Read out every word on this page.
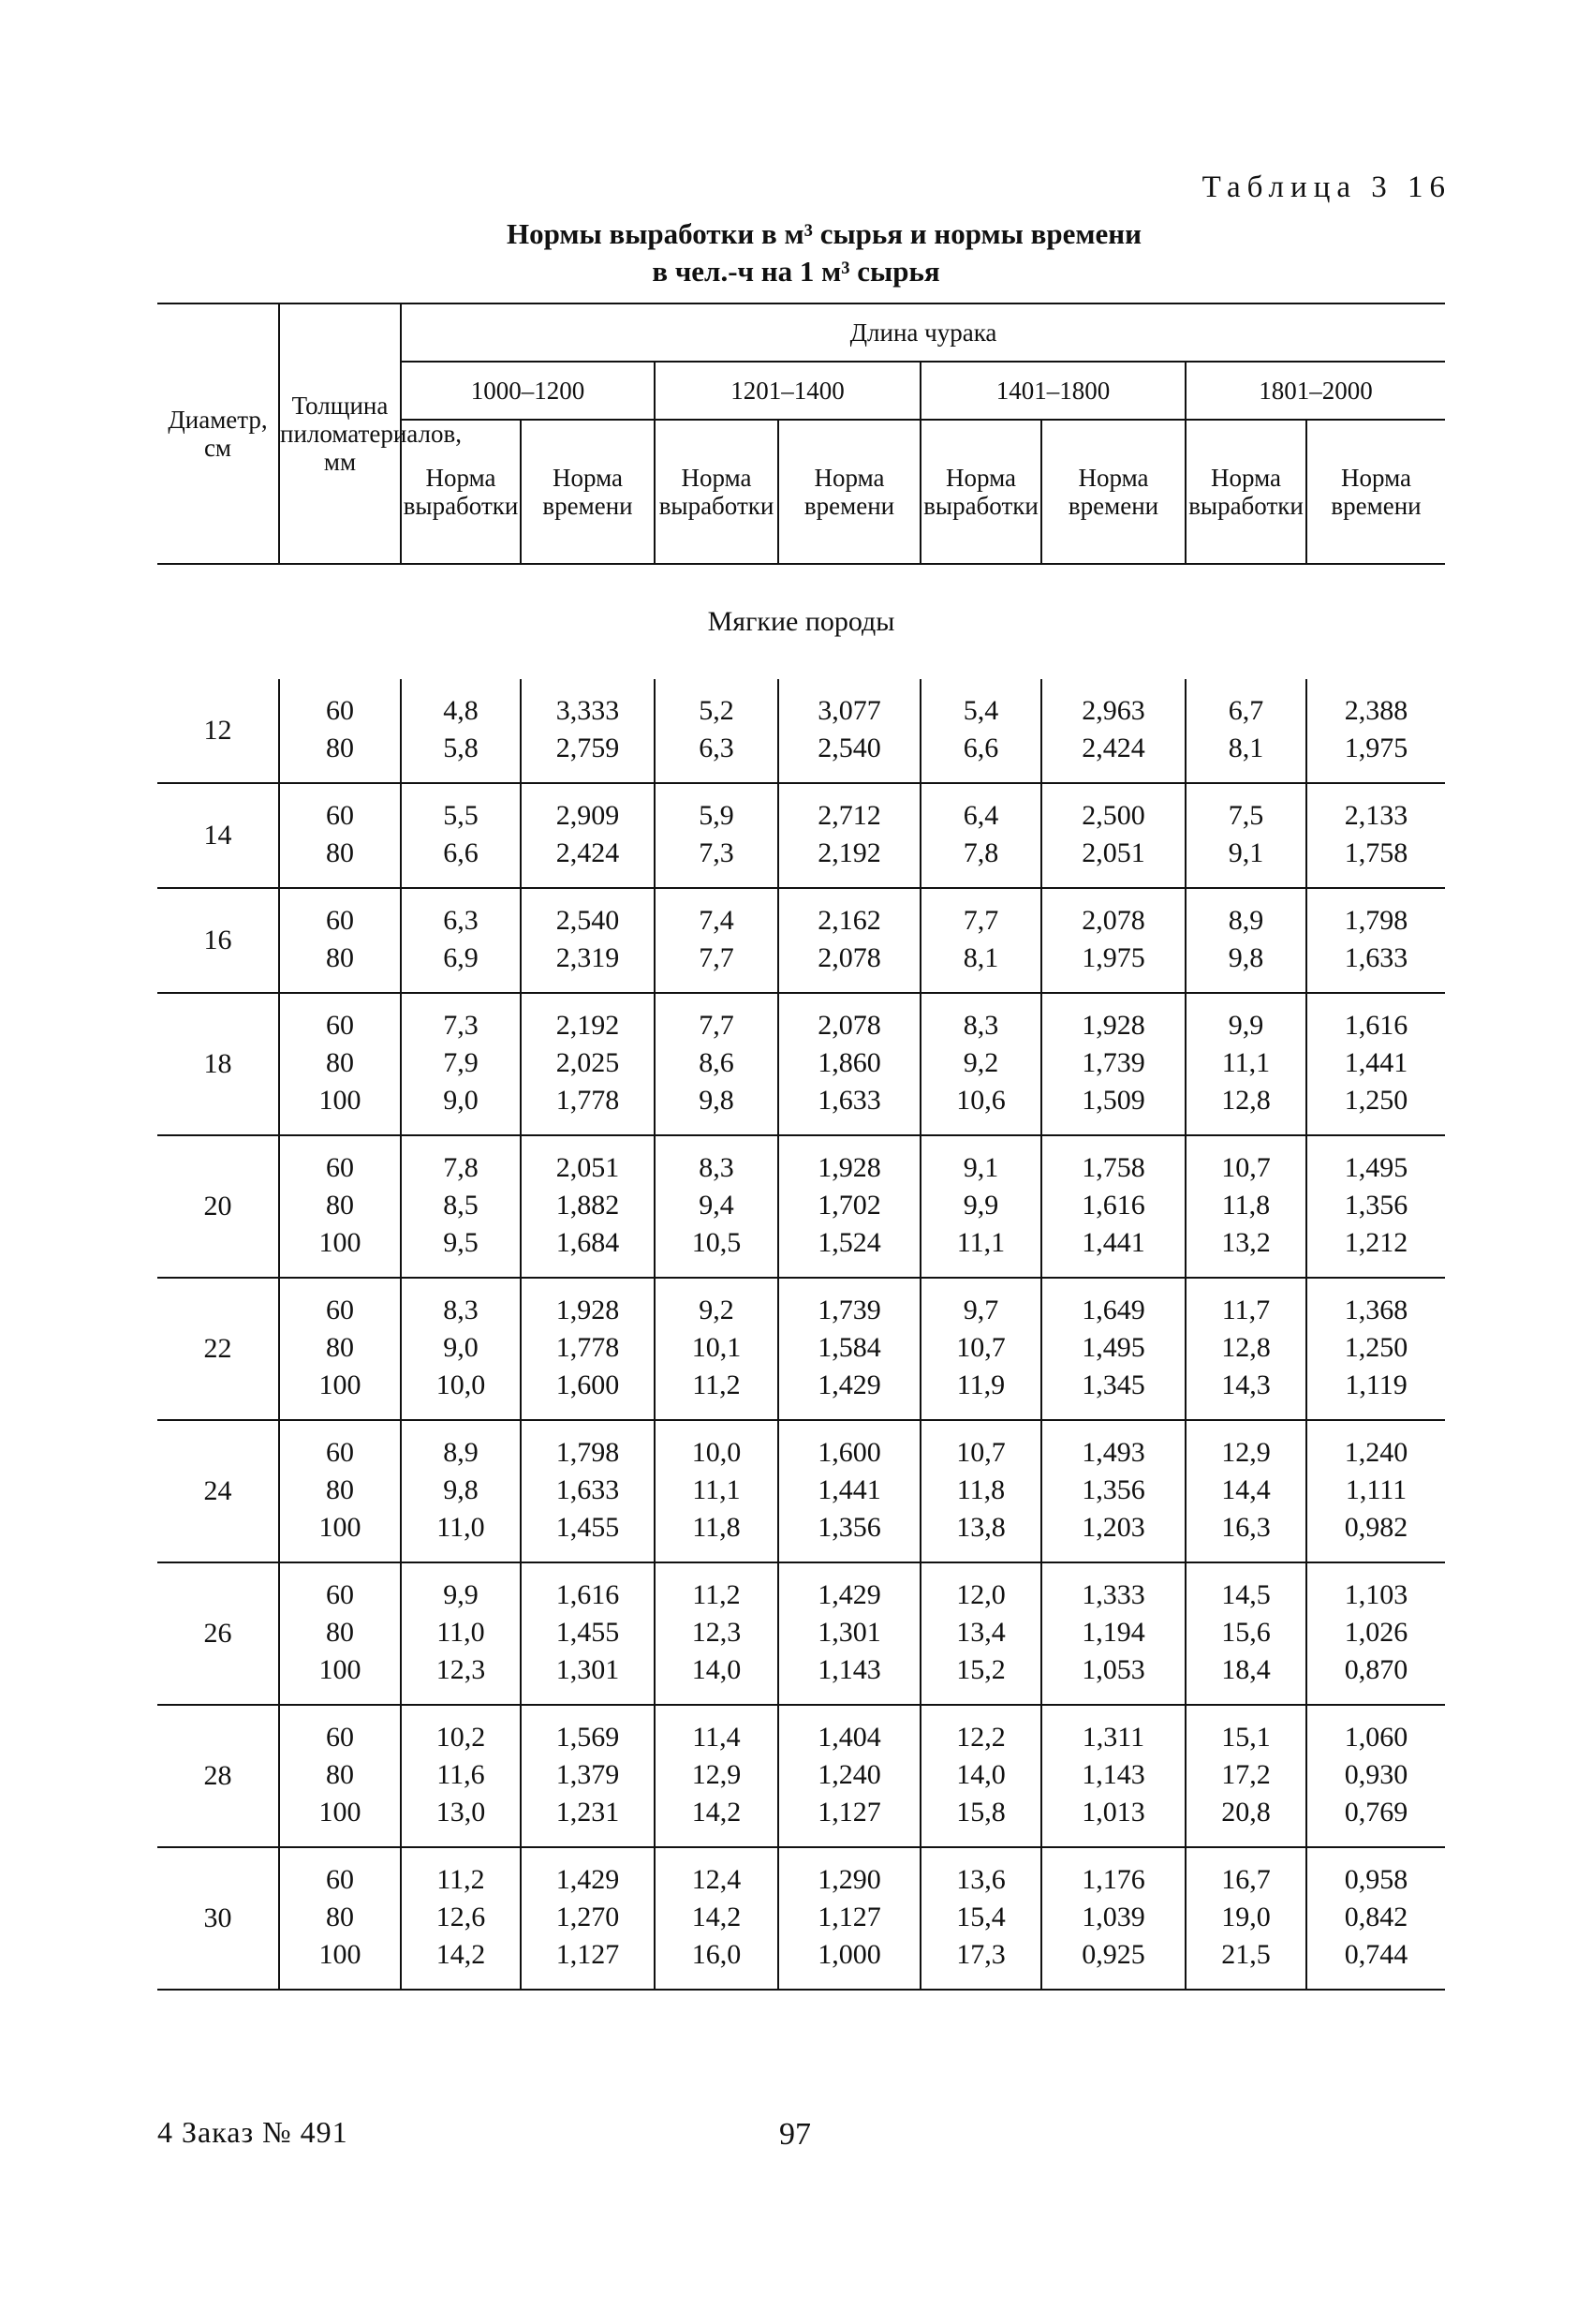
Таблица 3 16
Нормы выработки в м³ сырья и нормы времени
в чел.-ч на 1 м³ сырья
Диаметр, см	Толщина пиломатериалов, мм	Длина чурака							
		1000–1200		1201–1400		1401–1800		1801–2000	
		Норма выработки	Норма времени	Норма выработки	Норма времени	Норма выработки	Норма времени	Норма выработки	Норма времени
Мягкие породы									
12	60	4,8	3,333	5,2	3,077	5,4	2,963	6,7	2,388
	80	5,8	2,759	6,3	2,540	6,6	2,424	8,1	1,975
14	60	5,5	2,909	5,9	2,712	6,4	2,500	7,5	2,133
	80	6,6	2,424	7,3	2,192	7,8	2,051	9,1	1,758
16	60	6,3	2,540	7,4	2,162	7,7	2,078	8,9	1,798
	80	6,9	2,319	7,7	2,078	8,1	1,975	9,8	1,633
18	60	7,3	2,192	7,7	2,078	8,3	1,928	9,9	1,616
	80	7,9	2,025	8,6	1,860	9,2	1,739	11,1	1,441
	100	9,0	1,778	9,8	1,633	10,6	1,509	12,8	1,250
20	60	7,8	2,051	8,3	1,928	9,1	1,758	10,7	1,495
	80	8,5	1,882	9,4	1,702	9,9	1,616	11,8	1,356
	100	9,5	1,684	10,5	1,524	11,1	1,441	13,2	1,212
22	60	8,3	1,928	9,2	1,739	9,7	1,649	11,7	1,368
	80	9,0	1,778	10,1	1,584	10,7	1,495	12,8	1,250
	100	10,0	1,600	11,2	1,429	11,9	1,345	14,3	1,119
24	60	8,9	1,798	10,0	1,600	10,7	1,493	12,9	1,240
	80	9,8	1,633	11,1	1,441	11,8	1,356	14,4	1,111
	100	11,0	1,455	11,8	1,356	13,8	1,203	16,3	0,982
26	60	9,9	1,616	11,2	1,429	12,0	1,333	14,5	1,103
	80	11,0	1,455	12,3	1,301	13,4	1,194	15,6	1,026
	100	12,3	1,301	14,0	1,143	15,2	1,053	18,4	0,870
28	60	10,2	1,569	11,4	1,404	12,2	1,311	15,1	1,060
	80	11,6	1,379	12,9	1,240	14,0	1,143	17,2	0,930
	100	13,0	1,231	14,2	1,127	15,8	1,013	20,8	0,769
30	60	11,2	1,429	12,4	1,290	13,6	1,176	16,7	0,958
	80	12,6	1,270	14,2	1,127	15,4	1,039	19,0	0,842
	100	14,2	1,127	16,0	1,000	17,3	0,925	21,5	0,744
4 Заказ № 491	97
